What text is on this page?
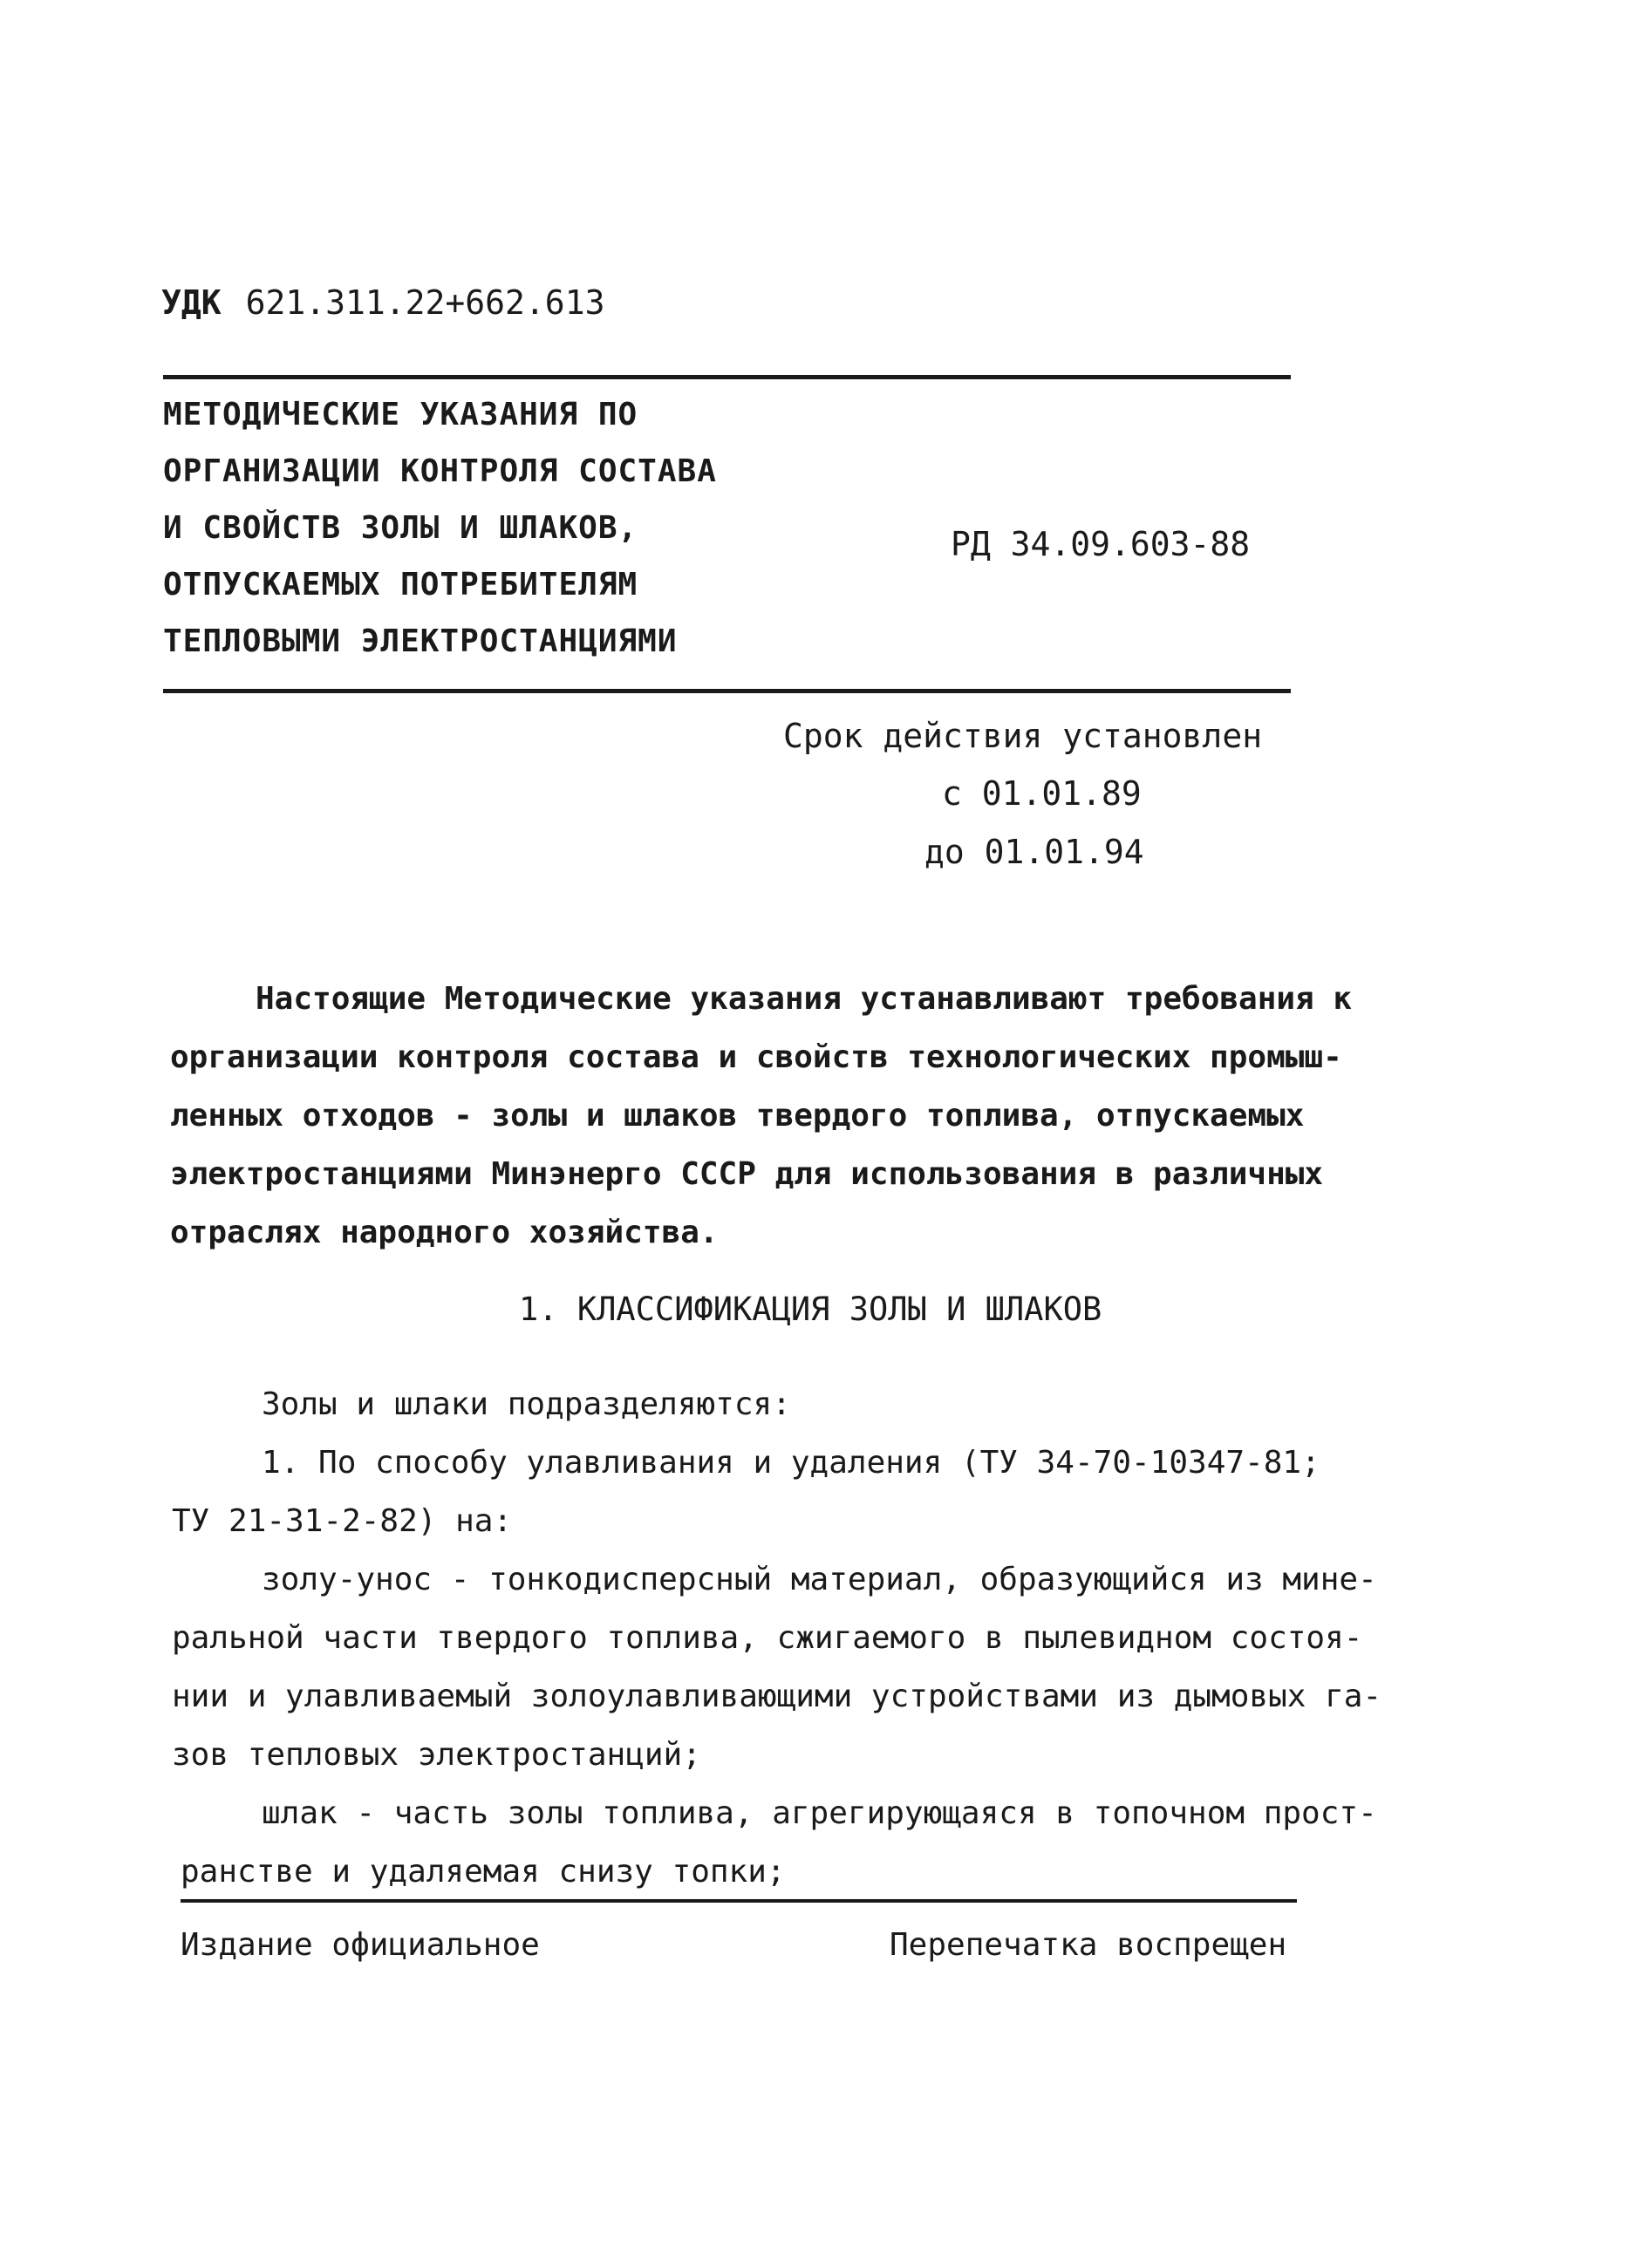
УДК 621.311.22+662.613
МЕТОДИЧЕСКИЕ УКАЗАНИЯ ПО
ОРГАНИЗАЦИИ КОНТРОЛЯ СОСТАВА
И СВОЙСТВ ЗОЛЫ И ШЛАКОВ,
ОТПУСКАЕМЫХ ПОТРЕБИТЕЛЯМ
ТЕПЛОВЫМИ ЭЛЕКТРОСТАНЦИЯМИ
РД 34.09.603-88
Срок действия установлен
с 01.01.89
до 01.01.94
Настоящие Методические указания устанавливают требования к
организации контроля состава и свойств технологических промыш-
ленных отходов - золы и шлаков твердого топлива, отпускаемых
электростанциями Минэнерго СССР для использования в различных
отраслях народного хозяйства.
1. КЛАССИФИКАЦИЯ ЗОЛЫ И ШЛАКОВ
Золы и шлаки подразделяются:
1. По способу улавливания и удаления (ТУ 34-70-10347-81;
ТУ 21-31-2-82) на:
золу-унос - тонкодисперсный материал, образующийся из мине-
ральной части твердого топлива, сжигаемого в пылевидном состоя-
нии и улавливаемый золоулавливающими устройствами из дымовых га-
зов тепловых электростанций;
шлак - часть золы топлива, агрегирующаяся в топочном прост-
ранстве и удаляемая снизу топки;
Издание официальное	Перепечатка воспрещен
